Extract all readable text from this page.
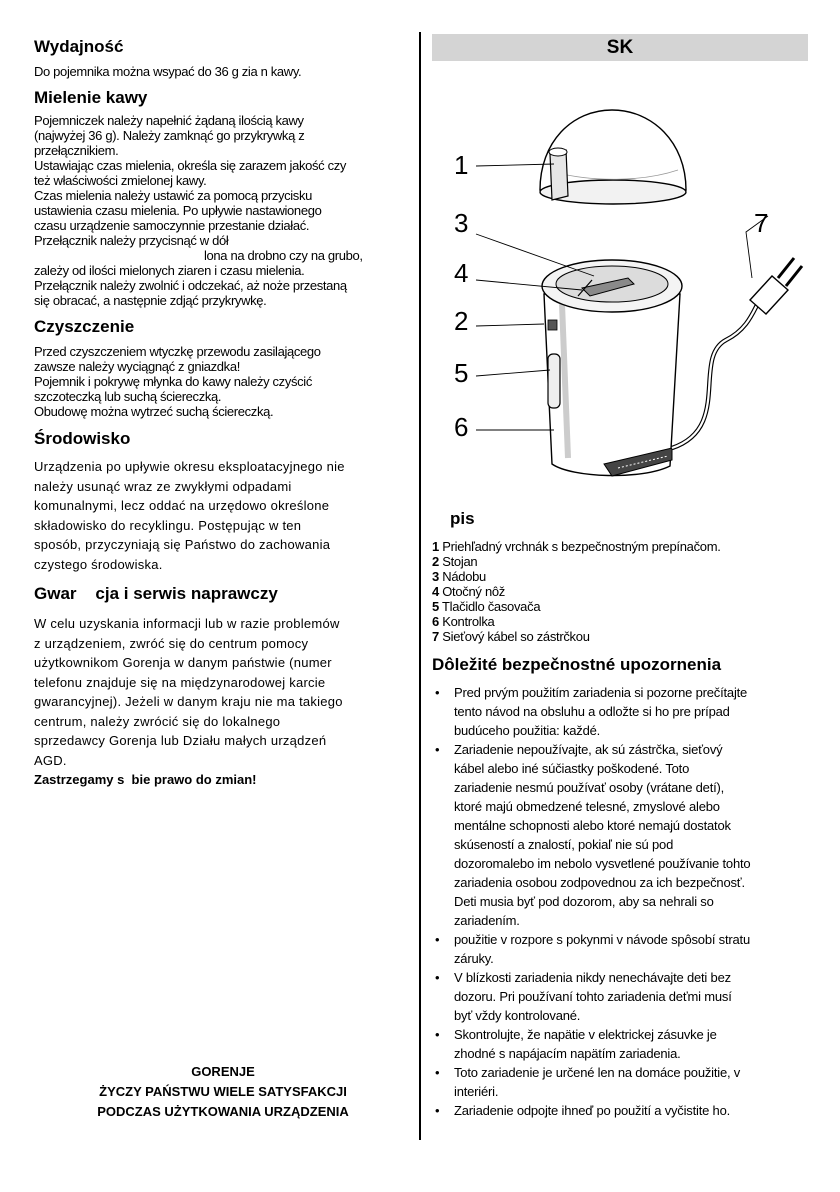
Wydajność

Do pojemnika można wsypać do 36 g zia n kawy.

Mielenie kawy

Pojemniczek należy napełnić żądaną ilością kawy
(najwyżej 36 g). Należy zamknąć go przykrywką z
przełącznikiem.
Ustawiając czas mielenia, określa się zarazem jakość czy
też właściwości zmielonej kawy.
Czas mielenia należy ustawić za pomocą przycisku
ustawienia czasu mielenia. Po upływie nastawionego
czasu urządzenie samoczynnie przestanie działać.
Przełącznik należy przycisnąć w dół
lona na drobno czy na grubo,
zależy od ilości mielonych ziaren i czasu mielenia.
Przełącznik należy zwolnić i odczekać, aż noże przestaną
się obracać, a następnie zdjąć przykrywkę.

Czyszczenie

Przed czyszczeniem wtyczkę przewodu zasilającego
zawsze należy wyciągnąć z gniazdka!
Pojemnik i pokrywę młynka do kawy należy czyścić
szczoteczką lub suchą ściereczką.
Obudowę można wytrzeć suchą ściereczką.

Środowisko

Urządzenia po upływie okresu eksploatacyjnego nie
należy usunąć wraz ze zwykłymi odpadami
komunalnymi, lecz oddać na urzędowo określone
składowisko do recyklingu. Postępując w ten
sposób, przyczyniają się Państwo do zachowania
czystego środowiska.

Gwar    cja i serwis naprawczy

W celu uzyskania informacji lub w razie problemów
z urządzeniem, zwróć się do centrum pomocy
użytkownikom Gorenja w danym państwie (numer
telefonu znajduje się na międzynarodowej karcie
gwarancyjnej). Jeżeli w danym kraju nie ma takiego
centrum, należy zwrócić się do lokalnego
sprzedawcy Gorenja lub Działu małych urządzeń
AGD.

Zastrzegamy s  bie prawo do zmian!

GORENJE
ŻYCZY PAŃSTWU WIELE SATYSFAKCJI
PODCZAS UŻYTKOWANIA URZĄDZENIA
SK
1
3
4
2
5
6
7
pis
1 Priehľadný vrchnák s bezpečnostným prepínačom.
2 Stojan
3 Nádobu
4 Otočný nôž
5 Tlačidlo časovača
6 Kontrolka
7 Sieťový kábel so zástrčkou
Dôležité bezpečnostné upozornenia
• Pred prvým použitím zariadenia si pozorne prečítajte
tento návod na obsluhu a odložte si ho pre prípad
budúceho použitia: každé.
• Zariadenie nepoužívajte, ak sú zástrčka, sieťový
kábel alebo iné súčiastky poškodené. Toto
zariadenie nesmú používať osoby (vrátane detí),
ktoré majú obmedzené telesné, zmyslové alebo
mentálne schopnosti alebo ktoré nemajú dostatok
skúseností a znalostí, pokiaľ nie sú pod
dozoromalebo im nebolo vysvetlené používanie tohto
zariadenia osobou zodpovednou za ich bezpečnosť.
Deti musia byť pod dozorom, aby sa nehrali so
zariadením.
• použitie v rozpore s pokynmi v návode spôsobí stratu
záruky.
• V blízkosti zariadenia nikdy nenechávajte deti bez
dozoru. Pri používaní tohto zariadenia deťmi musí
byť vždy kontrolované.
• Skontrolujte, že napätie v elektrickej zásuvke je
zhodné s napájacím napätím zariadenia.
• Toto zariadenie je určené len na domáce použitie, v
interiéri.
• Zariadenie odpojte ihneď po použití a vyčistite ho.
